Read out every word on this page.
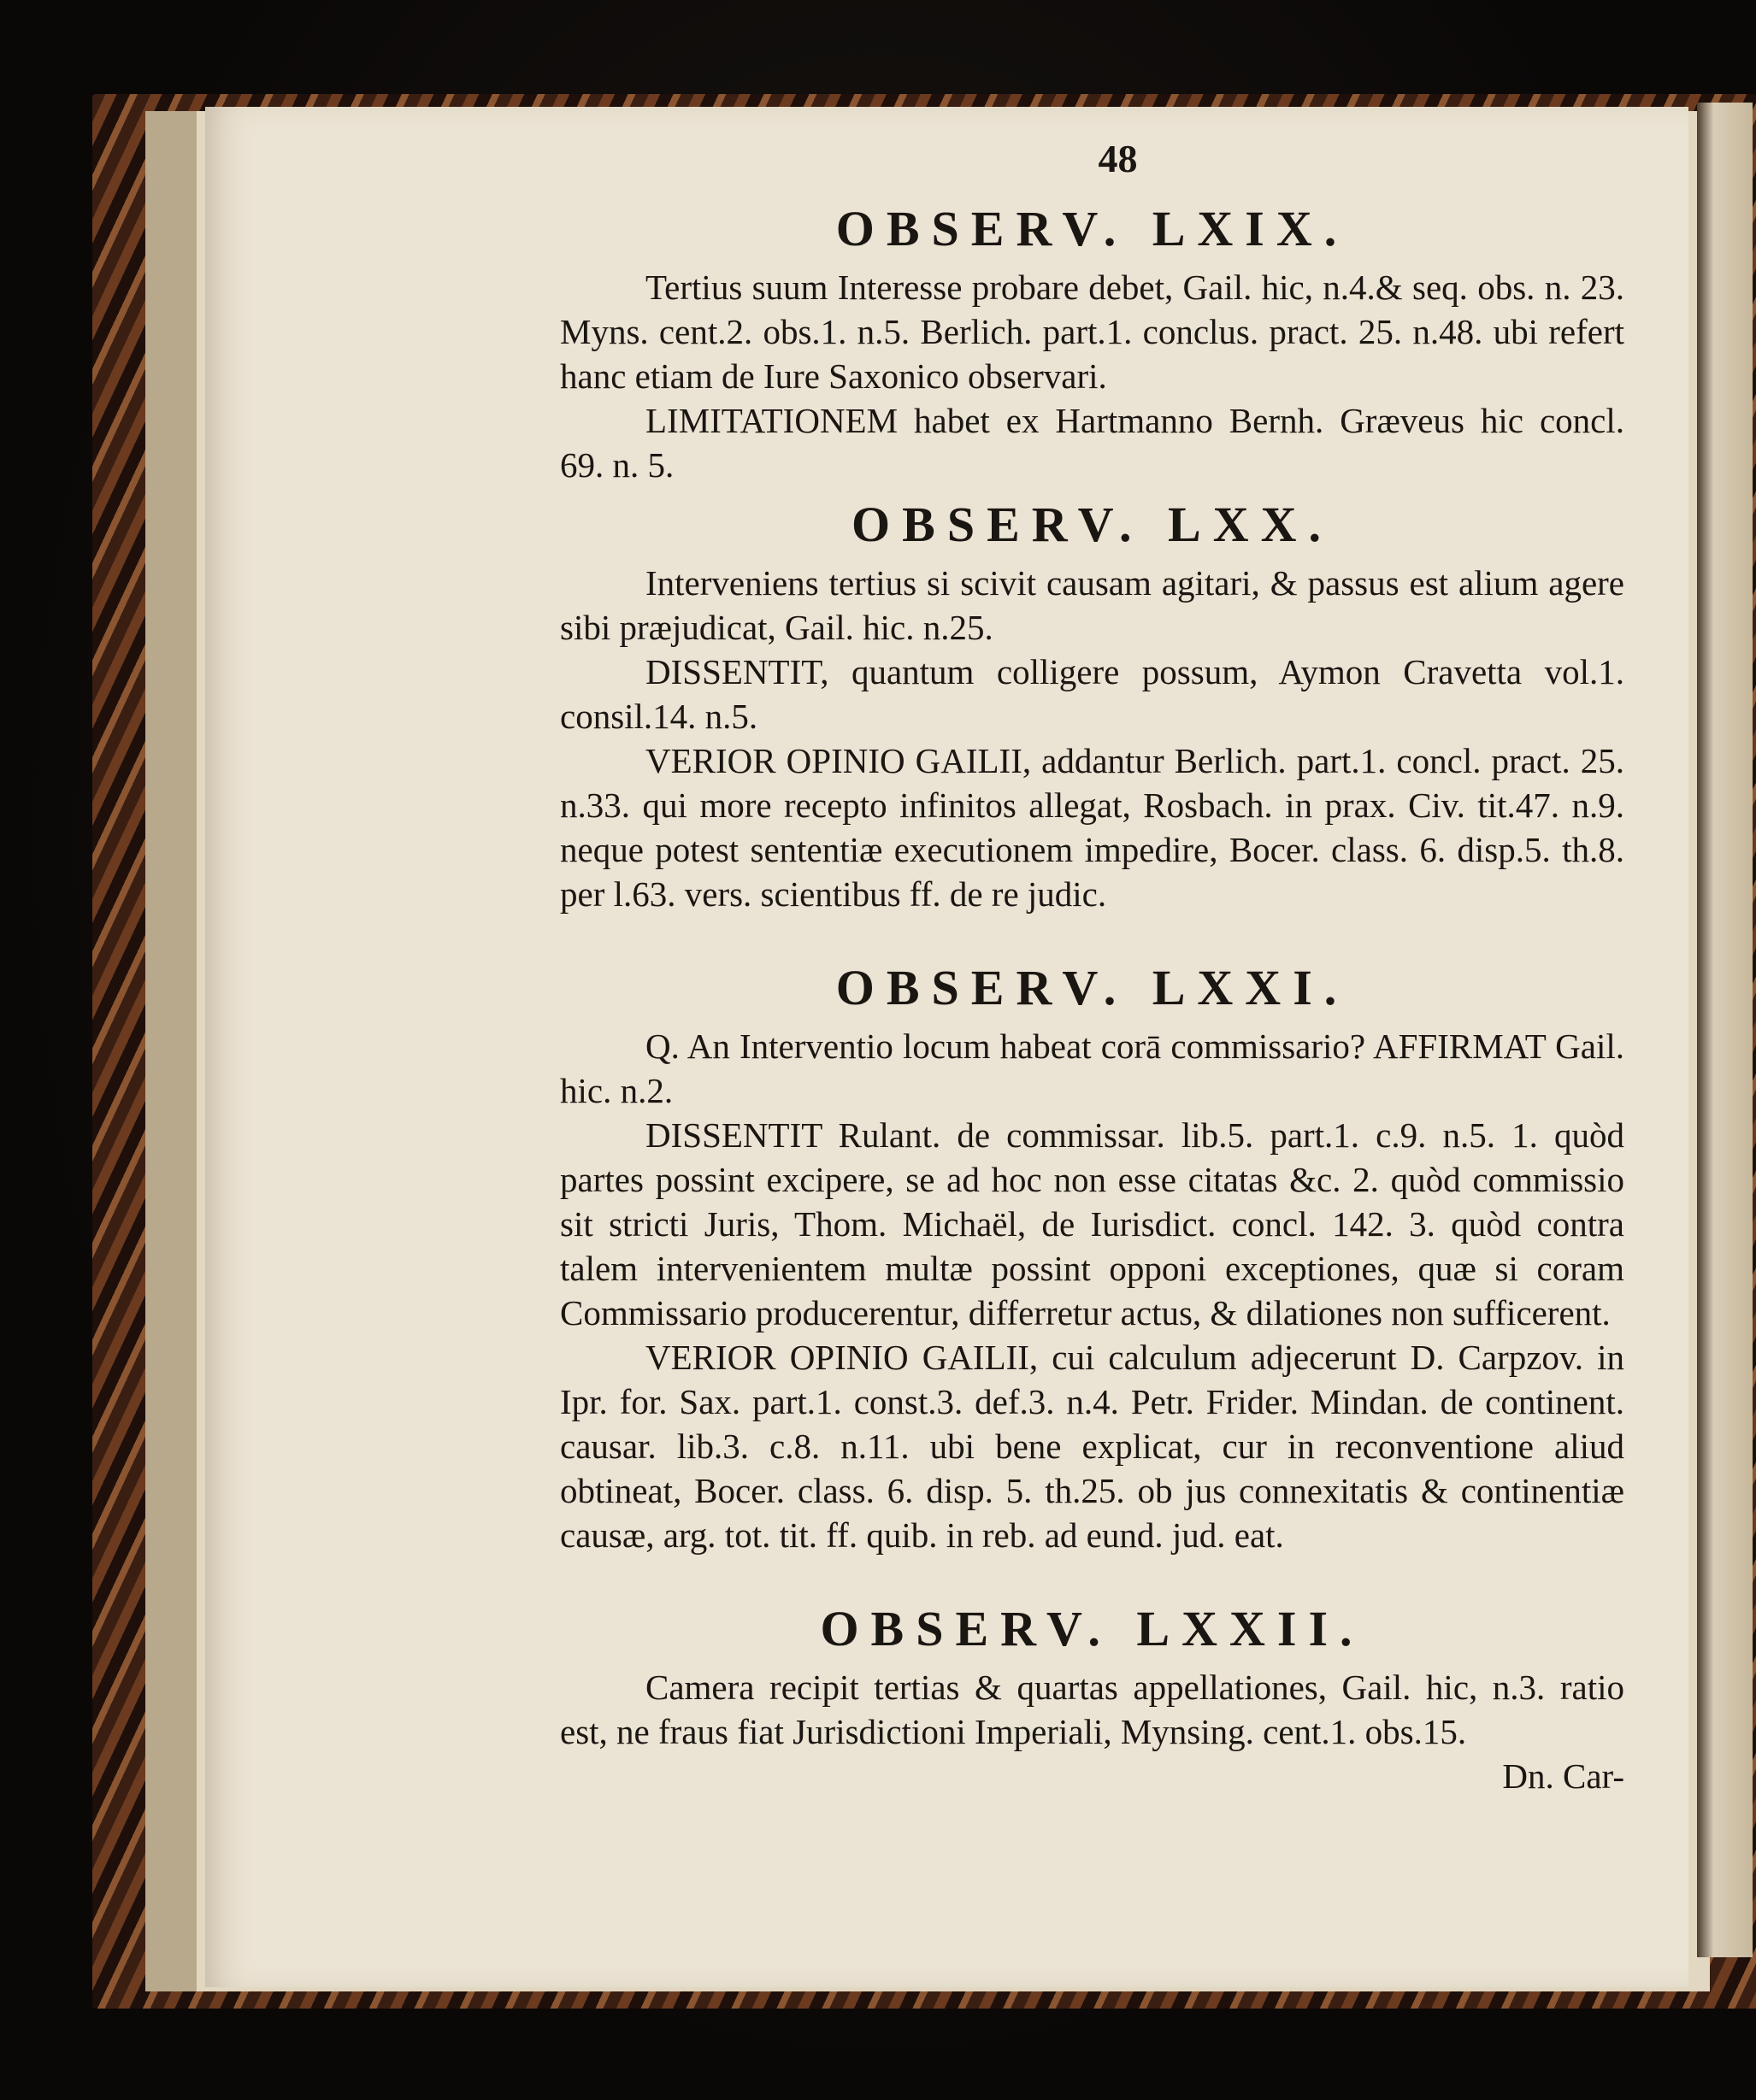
48
OBSERV. LXIX.

Tertius suum Interesse probare debet, Gail. hic, n.4.& seq. obs. n. 23. Myns. cent.2. obs.1. n.5. Berlich. part.1. conclus. pract. 25. n.48. ubi refert hanc etiam de Iure Saxonico observari.

LIMITATIONEM habet ex Hartmanno Bernh. Græveus hic concl. 69. n. 5.

OBSERV. LXX.

Interveniens tertius si scivit causam agitari, & passus est alium agere sibi præjudicat, Gail. hic. n.25.

DISSENTIT, quantum colligere possum, Aymon Cravetta vol.1. consil.14. n.5.

VERIOR OPINIO GAILII, addantur Berlich. part.1. concl. pract. 25. n.33. qui more recepto infinitos allegat, Rosbach. in prax. Civ. tit.47. n.9. neque potest sententiæ executionem impedire, Bocer. class. 6. disp.5. th.8. per l.63. vers. scientibus ff. de re judic.

OBSERV. LXXI.

Q. An Interventio locum habeat corā commissario? AFFIRMAT Gail. hic. n.2.

DISSENTIT Rulant. de commissar. lib.5. part.1. c.9. n.5. 1. quòd partes possint excipere, se ad hoc non esse citatas &c. 2. quòd commissio sit stricti Juris, Thom. Michaël, de Iurisdict. concl. 142. 3. quòd contra talem intervenientem multæ possint opponi exceptiones, quæ si coram Commissario producerentur, differretur actus, & dilationes non sufficerent.

VERIOR OPINIO GAILII, cui calculum adjecerunt D. Carpzov. in Ipr. for. Sax. part.1. const.3. def.3. n.4. Petr. Frider. Mindan. de continent. causar. lib.3. c.8. n.11. ubi bene explicat, cur in reconventione aliud obtineat, Bocer. class. 6. disp. 5. th.25. ob jus connexitatis & continentiæ causæ, arg. tot. tit. ff. quib. in reb. ad eund. jud. eat.

OBSERV. LXXII.

Camera recipit tertias & quartas appellationes, Gail. hic, n.3. ratio est, ne fraus fiat Jurisdictioni Imperiali, Mynsing. cent.1. obs.15.

Dn. Car-
